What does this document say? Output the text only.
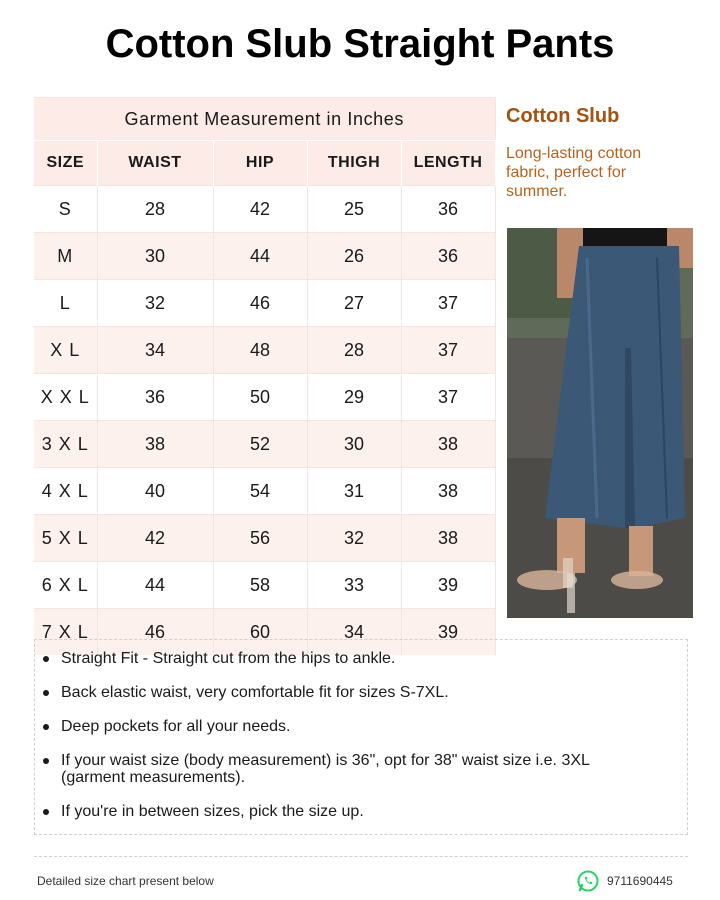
Cotton Slub Straight Pants
Garment Measurement in Inches				
SIZE	WAIST	HIP	THIGH	LENGTH
S	28	42	25	36
M	30	44	26	36
L	32	46	27	37
X L	34	48	28	37
X X L	36	50	29	37
3 X L	38	52	30	38
4 X L	40	54	31	38
5 X L	42	56	32	38
6 X L	44	58	33	39
7 X L	46	60	34	39
Cotton Slub
Long-lasting cotton fabric, perfect for summer.
Straight Fit - Straight cut from the hips to ankle.
Back elastic waist, very comfortable fit for sizes S-7XL.
Deep pockets for all your needs.
If your waist size (body measurement) is 36", opt for 38" waist size i.e. 3XL (garment measurements).
If you're in between sizes, pick the size up.
Detailed size chart present below	9711690445
